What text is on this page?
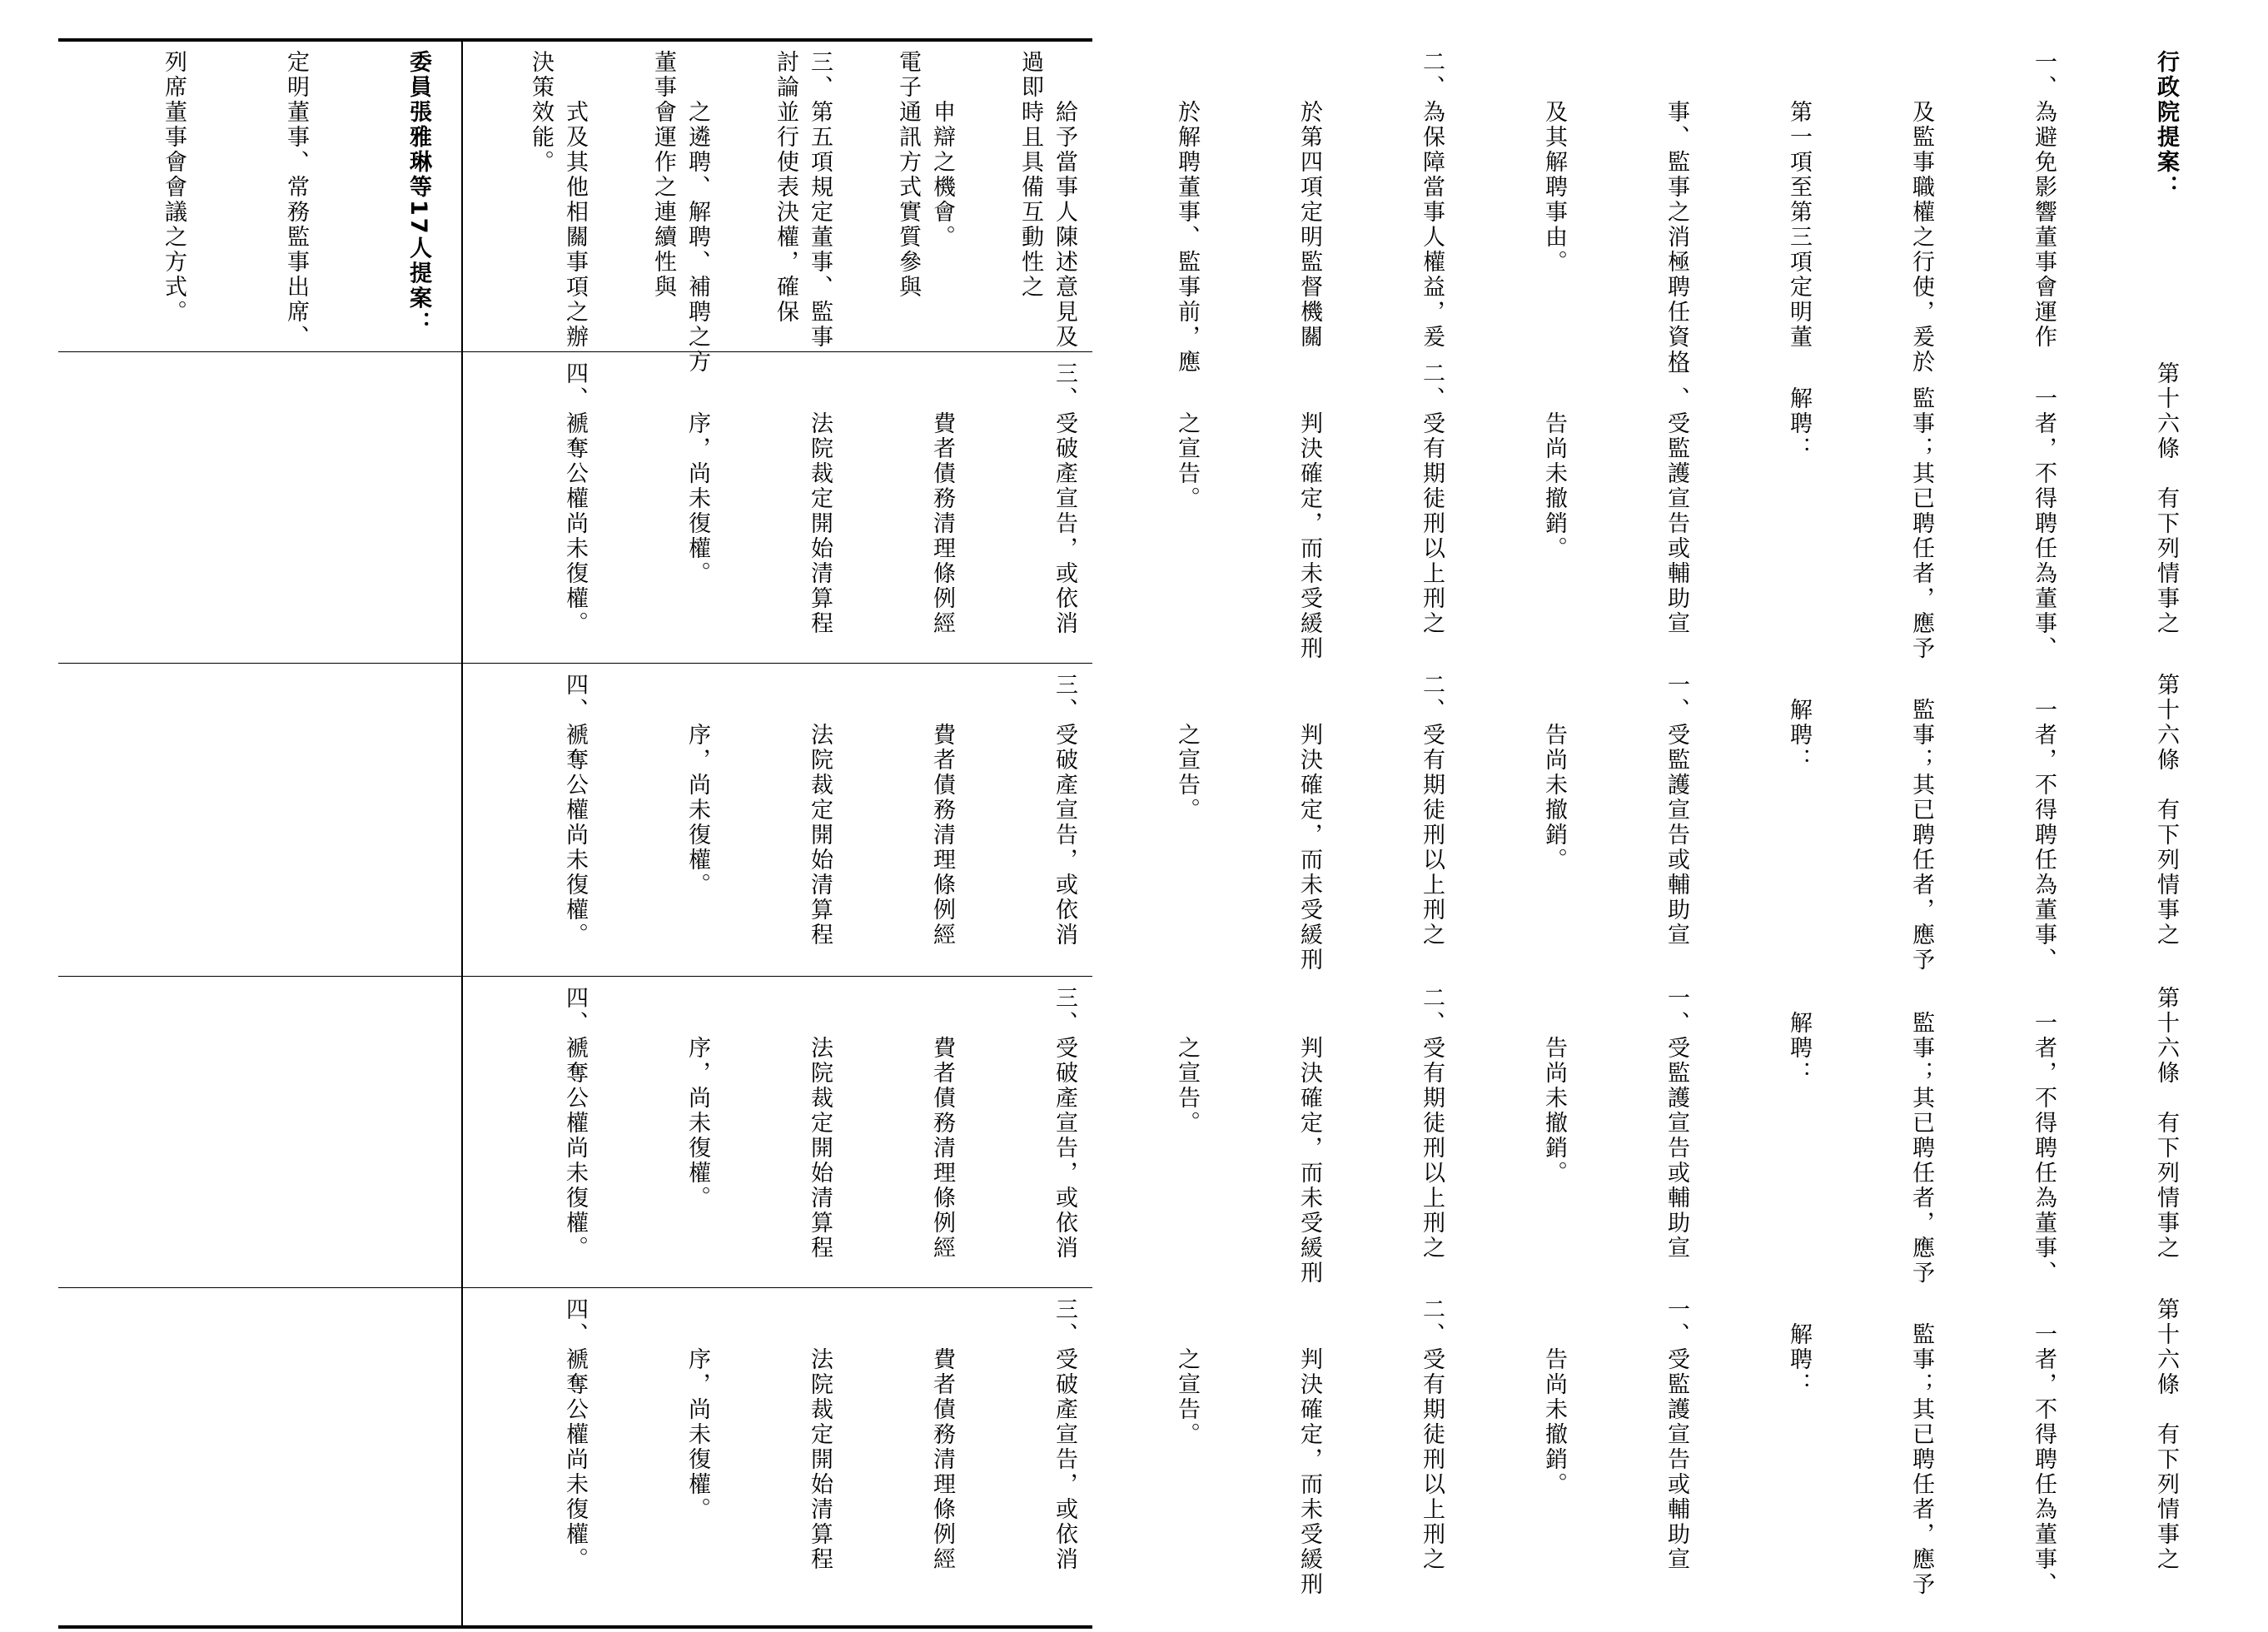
過即時且具備互動性之

電子通訊方式實質參與

討論並行使表決權，確保

董事會運作之連續性與

決策效能。

委員張雅琳等17人提案：

定明董事、常務監事出席、

列席董事會會議之方式。

	行政院提案：

一、為避免影響董事會運作

　　及監事職權之行使，爰於

　　第一項至第三項定明董

　　事、監事之消極聘任資格

　　及其解聘事由。

二、為保障當事人權益，爰

　　於第四項定明監督機關

　　於解聘董事、監事前，應

　　給予當事人陳述意見及

　　申辯之機會。

三、第五項規定董事、監事

　　之遴聘、解聘、補聘之方

　　式及其他相關事項之辦

第十六條　有下列情事之

　一者，不得聘任為董事、

　監事；其已聘任者，應予

　解聘：

一、受監護宣告或輔助宣

　　告尚未撤銷。

二、受有期徒刑以上刑之

　　判決確定，而未受緩刑

　　之宣告。

三、受破產宣告，或依消

　　費者債務清理條例經

　　法院裁定開始清算程

　　序，尚未復權。

四、褫奪公權尚未復權。

第十六條　有下列情事之

　一者，不得聘任為董事、

　監事；其已聘任者，應予

　解聘：

一、受監護宣告或輔助宣

　　告尚未撤銷。

二、受有期徒刑以上刑之

　　判決確定，而未受緩刑

　　之宣告。

三、受破產宣告，或依消

　　費者債務清理條例經

　　法院裁定開始清算程

　　序，尚未復權。

四、褫奪公權尚未復權。

第十六條　有下列情事之

　一者，不得聘任為董事、

　監事；其已聘任者，應予

　解聘：

一、受監護宣告或輔助宣

　　告尚未撤銷。

二、受有期徒刑以上刑之

　　判決確定，而未受緩刑

　　之宣告。

三、受破產宣告，或依消

　　費者債務清理條例經

　　法院裁定開始清算程

　　序，尚未復權。

四、褫奪公權尚未復權。

第十六條　有下列情事之

　一者，不得聘任為董事、

　監事；其已聘任者，應予

　解聘：

一、受監護宣告或輔助宣

　　告尚未撤銷。

二、受有期徒刑以上刑之

　　判決確定，而未受緩刑

　　之宣告。

三、受破產宣告，或依消

　　費者債務清理條例經

　　法院裁定開始清算程

　　序，尚未復權。

四、褫奪公權尚未復權。
